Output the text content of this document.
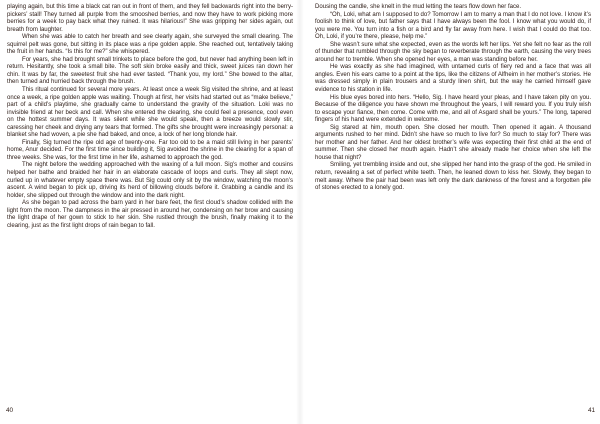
playing again, but this time a black cat ran out in front of them, and they fell backwards right into the berry-pickers’ stall! They turned all purple from the smooshed berries, and now they have to work picking more berries for a week to pay back what they ruined. It was hilarious!” She was gripping her sides again, out breath from laughter.

When she was able to catch her breath and see clearly again, she surveyed the small clearing. The squirrel pelt was gone, but sitting in its place was a ripe golden apple. She reached out, tentatively taking the fruit in her hands. “Is this for me?” she whispered.

For years, she had brought small trinkets to place before the god, but never had anything been left in return. Hesitantly, she took a small bite. The soft skin broke easily and thick, sweet juices ran down her chin. It was by far, the sweetest fruit she had ever tasted. “Thank you, my lord.” She bowed to the altar, then turned and hurried back through the brush.

This ritual continued for several more years. At least once a week Sig visited the shrine, and at least once a week, a ripe golden apple was waiting. Though at first, her visits had started out as “make believe,” part of a child’s playtime, she gradually came to understand the gravity of the situation. Loki was no invisible friend at her beck and call. When she entered the clearing, she could feel a presence, cool even on the hottest summer days. It was silent while she would speak, then a breeze would slowly stir, caressing her cheek and drying any tears that formed. The gifts she brought were increasingly personal: a blanket she had woven, a pie she had baked, and once, a lock of her long blonde hair.

Finally, Sig turned the ripe old age of twenty-one. Far too old to be a maid still living in her parents’ home, Anur decided. For the first time since building it, Sig avoided the shrine in the clearing for a span of three weeks. She was, for the first time in her life, ashamed to approach the god.

The night before the wedding approached with the waxing of a full moon. Sig’s mother and cousins helped her bathe and braided her hair in an elaborate cascade of loops and curls. They all slept now, curled up in whatever empty space there was. But Sig could only sit by the window, watching the moon’s ascent. A wind began to pick up, driving its herd of billowing clouds before it. Grabbing a candle and its holder, she slipped out through the window and into the dark night.

As she began to pad across the barn yard in her bare feet, the first cloud’s shadow collided with the light from the moon. The dampness in the air pressed in around her, condensing on her brow and causing the light drape of her gown to stick to her skin. She rustled through the brush, finally making it to the clearing, just as the first light drops of rain began to fall.

40

Dousing the candle, she knelt in the mud letting the tears flow down her face.

“Oh, Loki, what am I supposed to do? Tomorrow I am to marry a man that I do not love. I know it’s foolish to think of love, but father says that I have always been the fool. I know what you would do, if you were me. You turn into a fish or a bird and fly far away from here. I wish that I could do that too. Oh, Loki, if you’re there, please, help me.”

She wasn’t sure what she expected, even as the words left her lips. Yet she felt no fear as the roll of thunder that rumbled through the sky began to reverberate through the earth, causing the very trees around her to tremble. When she opened her eyes, a man was standing before her.

He was exactly as she had imagined, with untamed curls of fiery red and a face that was all angles. Even his ears came to a point at the tips, like the citizens of Alfheim in her mother’s stories. He was dressed simply in plain trousers and a sturdy linen shirt, but the way he carried himself gave evidence to his station in life.

His blue eyes bored into hers. “Hello, Sig. I have heard your pleas, and I have taken pity on you. Because of the diligence you have shown me throughout the years, I will reward you. If you truly wish to escape your fiance, then come. Come with me, and all of Asgard shall be yours.” The long, tapered fingers of his hand were extended in welcome.

Sig stared at him, mouth open. She closed her mouth. Then opened it again. A thousand arguments rushed to her mind. Didn’t she have so much to live for? So much to stay for? There was her mother and her father. And her oldest brother’s wife was expecting their first child at the end of summer. Then she closed her mouth again. Hadn’t she already made her choice when she left the house that night?

Smiling, yet trembling inside and out, she slipped her hand into the grasp of the god. He smiled in return, revealing a set of perfect white teeth. Then, he leaned down to kiss her. Slowly, they began to melt away. Where the pair had been was left only the dark dankness of the forest and a forgotten pile of stones erected to a lonely god.

41
